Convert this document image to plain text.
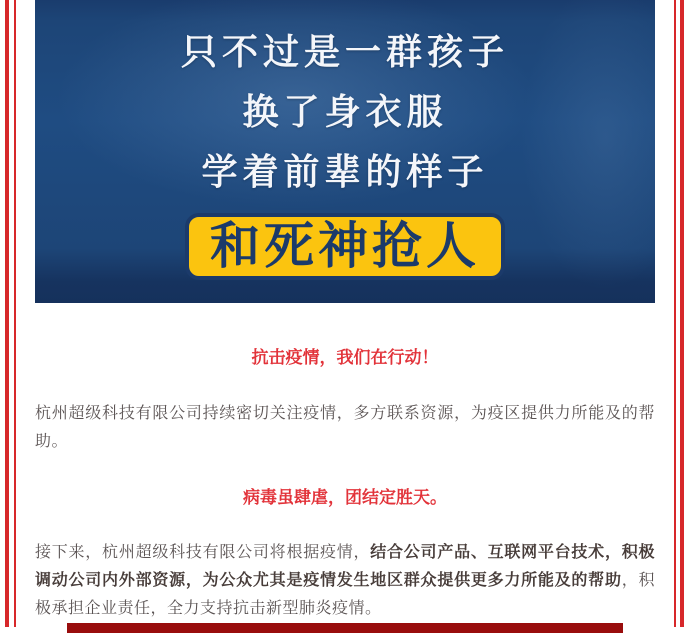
只不过是一群孩子
换了身衣服
学着前辈的样子
和死神抢人

抗击疫情，我们在行动！

杭州超级科技有限公司持续密切关注疫情，多方联系资源，为疫区提供力所能及的帮助。

病毒虽肆虐，团结定胜天。

接下来，杭州超级科技有限公司将根据疫情，结合公司产品、互联网平台技术，积极调动公司内外部资源，为公众尤其是疫情发生地区群众提供更多力所能及的帮助，积极承担企业责任，全力支持抗击新型肺炎疫情。
